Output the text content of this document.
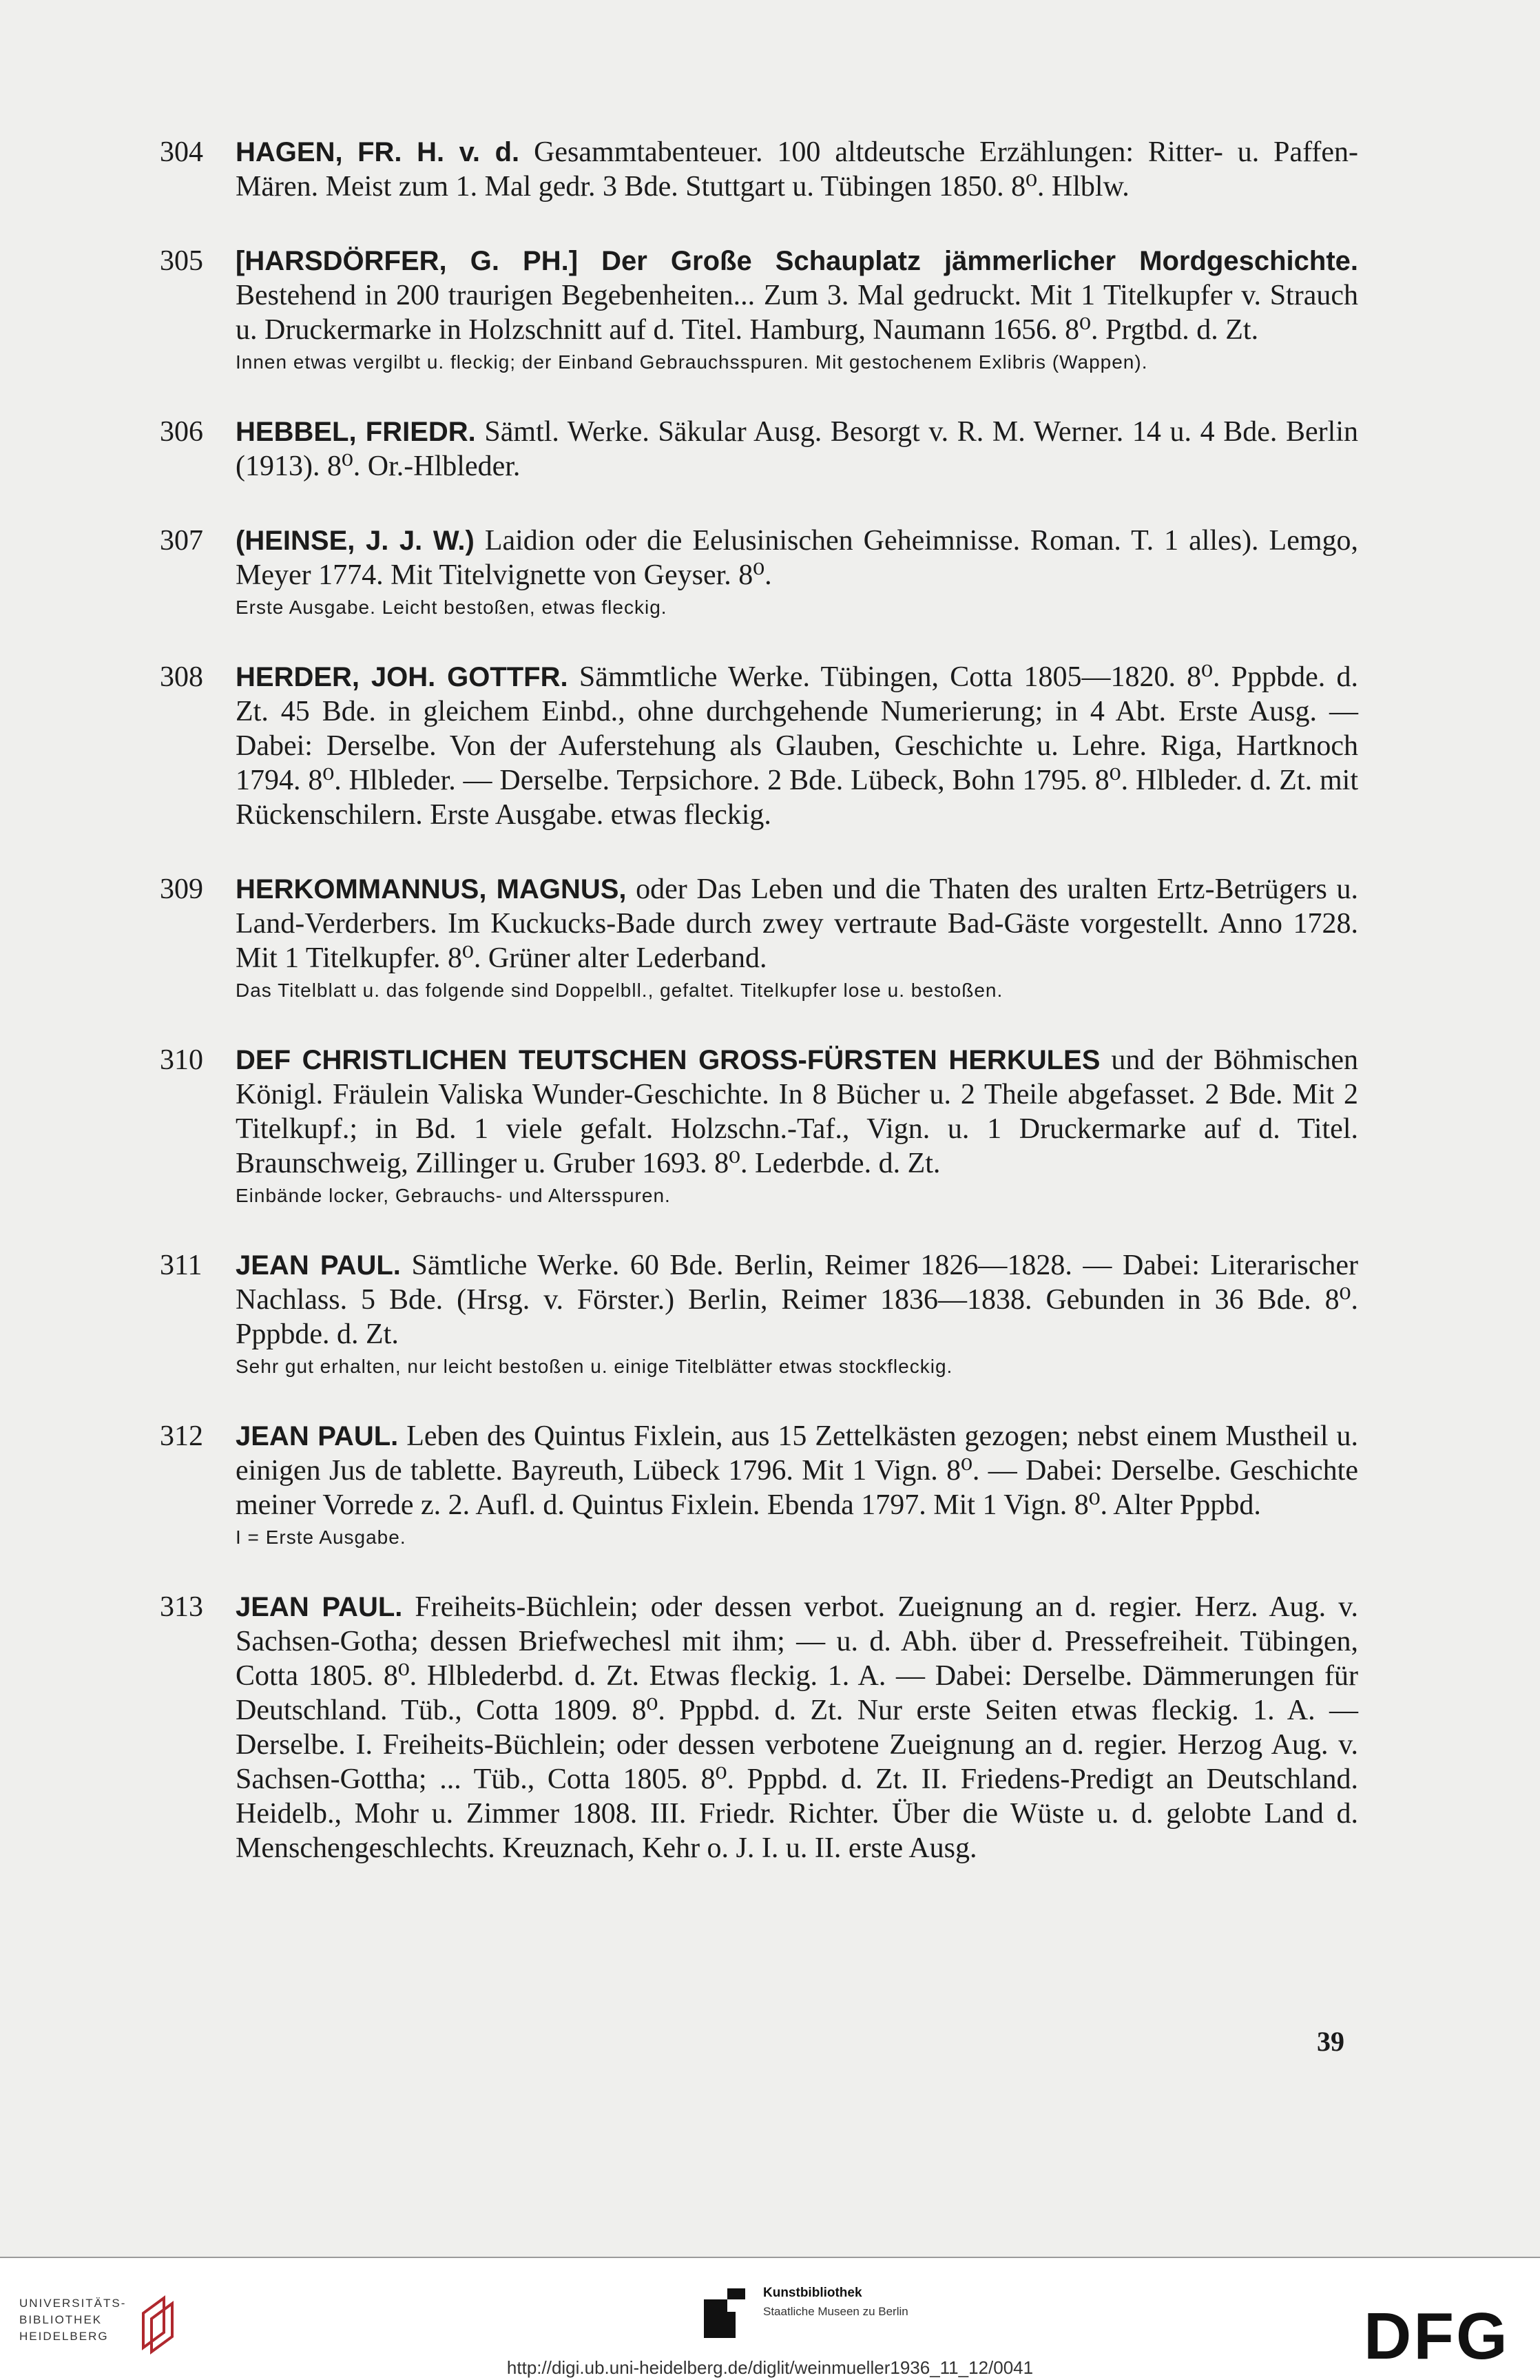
304	HAGEN, FR. H. v. d. Gesammtabenteuer. 100 altdeutsche Erzählungen: Ritter- u. Paffen-Mären. Meist zum 1. Mal gedr. 3 Bde. Stuttgart u. Tübingen 1850. 8⁰. Hlblw.
305	[HARSDÖRFER, G. PH.] Der Große Schauplatz jämmerlicher Mordgeschichte. Bestehend in 200 traurigen Begebenheiten... Zum 3. Mal gedruckt. Mit 1 Titelkupfer v. Strauch u. Druckermarke in Holzschnitt auf d. Titel. Hamburg, Naumann 1656. 8⁰. Prgtbd. d. Zt.
Innen etwas vergilbt u. fleckig; der Einband Gebrauchsspuren. Mit gestochenem Exlibris (Wappen).
306	HEBBEL, FRIEDR. Sämtl. Werke. Säkular Ausg. Besorgt v. R. M. Werner. 14 u. 4 Bde. Berlin (1913). 8⁰. Or.-Hlbleder.
307	(HEINSE, J. J. W.) Laidion oder die Eelusinischen Geheimnisse. Roman. T. 1 alles). Lemgo, Meyer 1774. Mit Titelvignette von Geyser. 8⁰.
Erste Ausgabe. Leicht bestoßen, etwas fleckig.
308	HERDER, JOH. GOTTFR. Sämmtliche Werke. Tübingen, Cotta 1805—1820. 8⁰. Pppbde. d. Zt. 45 Bde. in gleichem Einbd., ohne durchgehende Numerierung; in 4 Abt. Erste Ausg. — Dabei: Derselbe. Von der Auferstehung als Glauben, Geschichte u. Lehre. Riga, Hartknoch 1794. 8⁰. Hlbleder. — Derselbe. Terpsichore. 2 Bde. Lübeck, Bohn 1795. 8⁰. Hlbleder. d. Zt. mit Rückenschilern. Erste Ausgabe. etwas fleckig.
309	HERKOMMANNUS, MAGNUS, oder Das Leben und die Thaten des uralten Ertz-Betrügers u. Land-Verderbers. Im Kuckucks-Bade durch zwey vertraute Bad-Gäste vorgestellt. Anno 1728. Mit 1 Titelkupfer. 8⁰. Grüner alter Lederband.
Das Titelblatt u. das folgende sind Doppelbll., gefaltet. Titelkupfer lose u. bestoßen.
310	DEF CHRISTLICHEN TEUTSCHEN GROSS-FÜRSTEN HERKULES und der Böhmischen Königl. Fräulein Valiska Wunder-Geschichte. In 8 Bücher u. 2 Theile abgefasset. 2 Bde. Mit 2 Titelkupf.; in Bd. 1 viele gefalt. Holzschn.-Taf., Vign. u. 1 Druckermarke auf d. Titel. Braunschweig, Zillinger u. Gruber 1693. 8⁰. Lederbde. d. Zt.
Einbände locker, Gebrauchs- und Altersspuren.
311	JEAN PAUL. Sämtliche Werke. 60 Bde. Berlin, Reimer 1826—1828. — Dabei: Literarischer Nachlass. 5 Bde. (Hrsg. v. Förster.) Berlin, Reimer 1836—1838. Gebunden in 36 Bde. 8⁰. Pppbde. d. Zt.
Sehr gut erhalten, nur leicht bestoßen u. einige Titelblätter etwas stockfleckig.
312	JEAN PAUL. Leben des Quintus Fixlein, aus 15 Zettelkästen gezogen; nebst einem Mustheil u. einigen Jus de tablette. Bayreuth, Lübeck 1796. Mit 1 Vign. 8⁰. — Dabei: Derselbe. Geschichte meiner Vorrede z. 2. Aufl. d. Quintus Fixlein. Ebenda 1797. Mit 1 Vign. 8⁰. Alter Pppbd.
I = Erste Ausgabe.
313	JEAN PAUL. Freiheits-Büchlein; oder dessen verbot. Zueignung an d. regier. Herz. Aug. v. Sachsen-Gotha; dessen Briefwechesl mit ihm; — u. d. Abh. über d. Pressefreiheit. Tübingen, Cotta 1805. 8⁰. Hlblederbd. d. Zt. Etwas fleckig. 1. A. — Dabei: Derselbe. Dämmerungen für Deutschland. Tüb., Cotta 1809. 8⁰. Pppbd. d. Zt. Nur erste Seiten etwas fleckig. 1. A. — Derselbe. I. Freiheits-Büchlein; oder dessen verbotene Zueignung an d. regier. Herzog Aug. v. Sachsen-Gottha; ... Tüb., Cotta 1805. 8⁰. Pppbd. d. Zt. II. Friedens-Predigt an Deutschland. Heidelb., Mohr u. Zimmer 1808. III. Friedr. Richter. Über die Wüste u. d. gelobte Land d. Menschengeschlechts. Kreuznach, Kehr o. J. I. u. II. erste Ausg.
39
UNIVERSITÄTS-
BIBLIOTHEK
HEIDELBERG
Kunstbibliothek
Staatliche Museen zu Berlin	DFG
http://digi.ub.uni-heidelberg.de/diglit/weinmueller1936_11_12/0041
